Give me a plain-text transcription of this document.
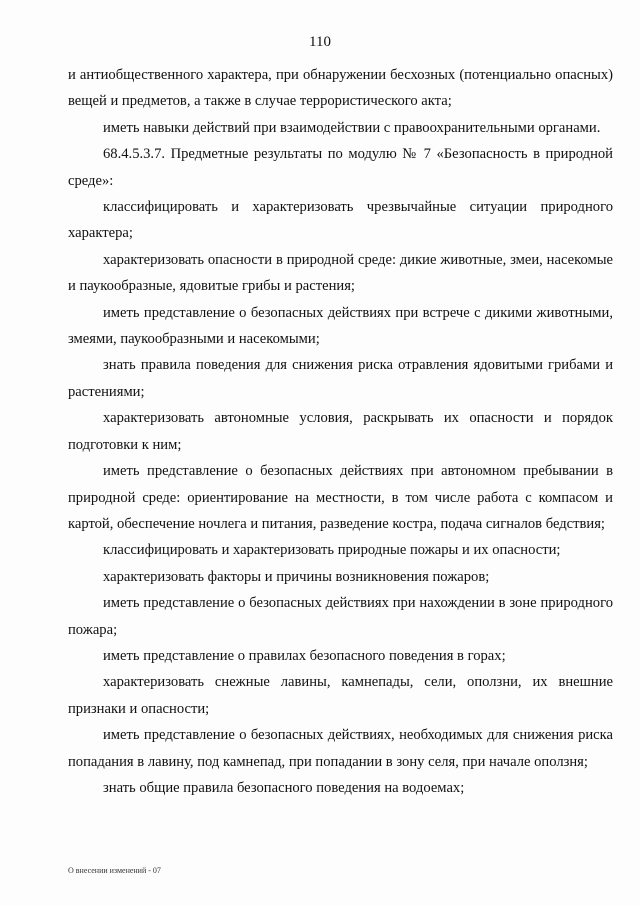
110

и антиобщественного характера, при обнаружении бесхозных (потенциально опасных) вещей и предметов, а также в случае террористического акта;

иметь навыки действий при взаимодействии с правоохранительными органами.

68.4.5.3.7. Предметные результаты по модулю № 7 «Безопасность в природной среде»:

классифицировать и характеризовать чрезвычайные ситуации природного характера;

характеризовать опасности в природной среде: дикие животные, змеи, насекомые и паукообразные, ядовитые грибы и растения;

иметь представление о безопасных действиях при встрече с дикими животными, змеями, паукообразными и насекомыми;

знать правила поведения для снижения риска отравления ядовитыми грибами и растениями;

характеризовать автономные условия, раскрывать их опасности и порядок подготовки к ним;

иметь представление о безопасных действиях при автономном пребывании в природной среде: ориентирование на местности, в том числе работа с компасом и картой, обеспечение ночлега и питания, разведение костра, подача сигналов бедствия;

классифицировать и характеризовать природные пожары и их опасности;

характеризовать факторы и причины возникновения пожаров;

иметь представление о безопасных действиях при нахождении в зоне природного пожара;

иметь представление о правилах безопасного поведения в горах;

характеризовать снежные лавины, камнепады, сели, оползни, их внешние признаки и опасности;

иметь представление о безопасных действиях, необходимых для снижения риска попадания в лавину, под камнепад, при попадании в зону селя, при начале оползня;

знать общие правила безопасного поведения на водоемах;

О внесении изменений - 07
